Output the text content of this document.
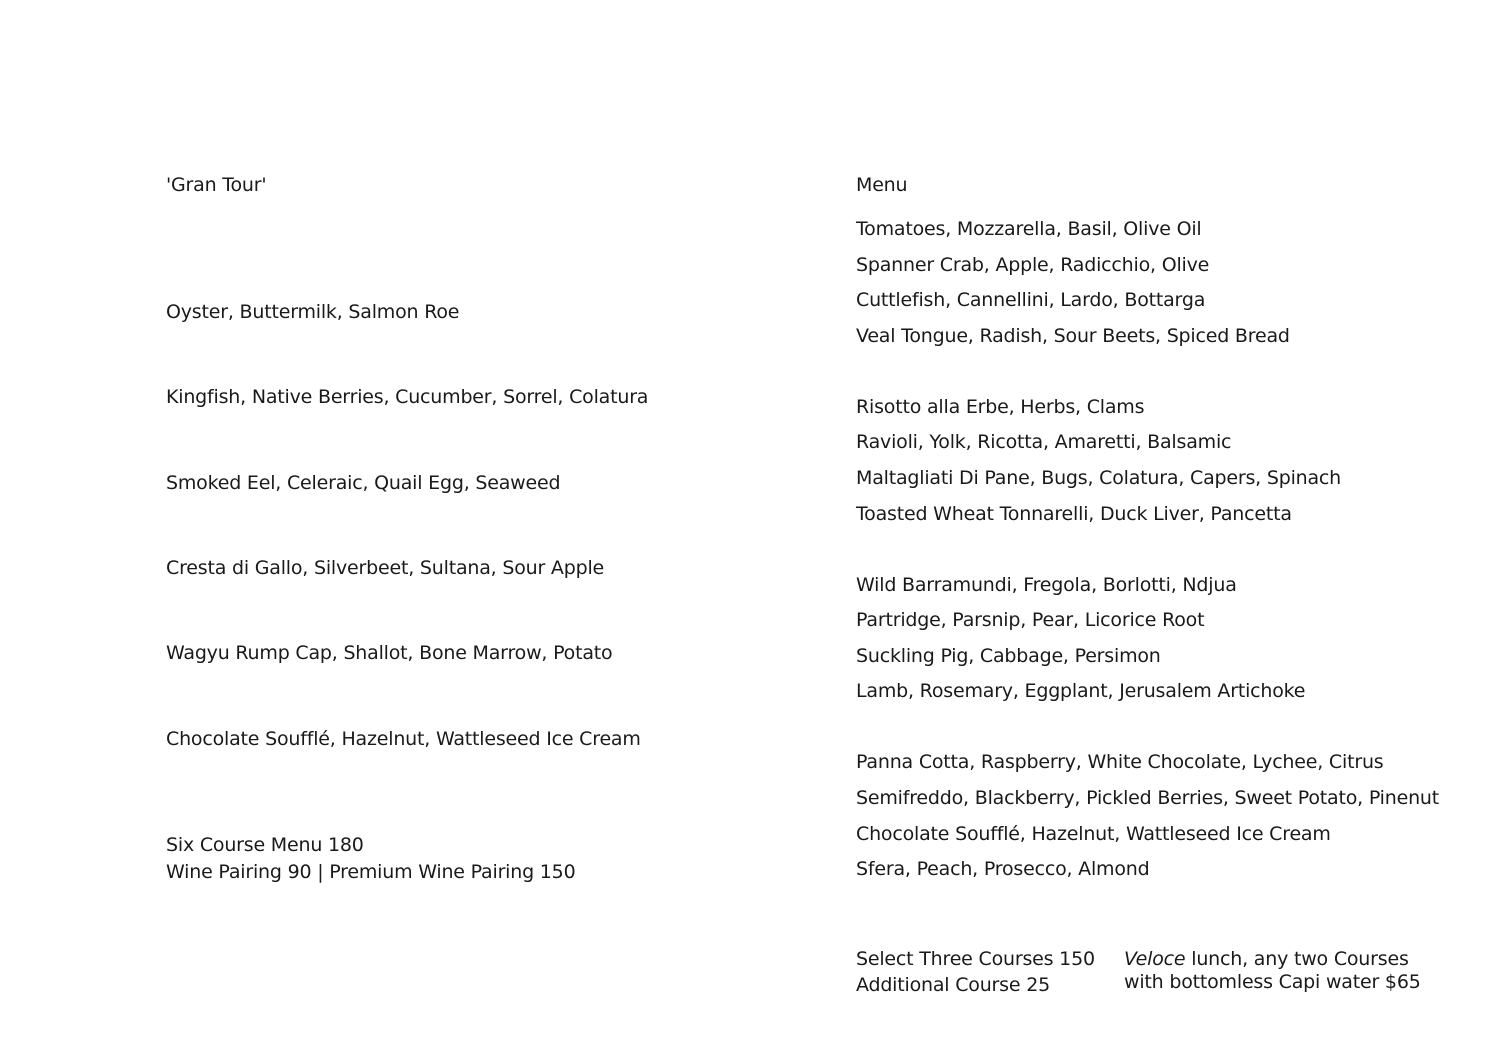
'Gran Tour'
Oyster, Buttermilk, Salmon Roe
Kingfish, Native Berries, Cucumber, Sorrel, Colatura
Smoked Eel, Celeraic, Quail Egg, Seaweed
Cresta di Gallo, Silverbeet, Sultana, Sour Apple
Wagyu Rump Cap, Shallot, Bone Marrow, Potato
Chocolate Soufflé, Hazelnut, Wattleseed Ice Cream
Six Course Menu 180
Wine Pairing 90 | Premium Wine Pairing 150
Menu
Tomatoes, Mozzarella, Basil, Olive Oil
Spanner Crab, Apple, Radicchio, Olive
Cuttlefish, Cannellini, Lardo, Bottarga
Veal Tongue, Radish, Sour Beets, Spiced Bread
Risotto alla Erbe, Herbs, Clams
Ravioli, Yolk, Ricotta, Amaretti, Balsamic
Maltagliati Di Pane, Bugs, Colatura, Capers, Spinach
Toasted Wheat Tonnarelli, Duck Liver, Pancetta
Wild Barramundi, Fregola, Borlotti, Ndjua
Partridge, Parsnip, Pear, Licorice Root
Suckling Pig, Cabbage, Persimon
Lamb, Rosemary, Eggplant, Jerusalem Artichoke
Panna Cotta, Raspberry, White Chocolate, Lychee, Citrus
Semifreddo, Blackberry, Pickled Berries, Sweet Potato, Pinenut
Chocolate Soufflé, Hazelnut, Wattleseed Ice Cream
Sfera, Peach, Prosecco, Almond
Select Three Courses 150
Additional Course 25
Veloce lunch, any two Courses
with bottomless Capi water $65
